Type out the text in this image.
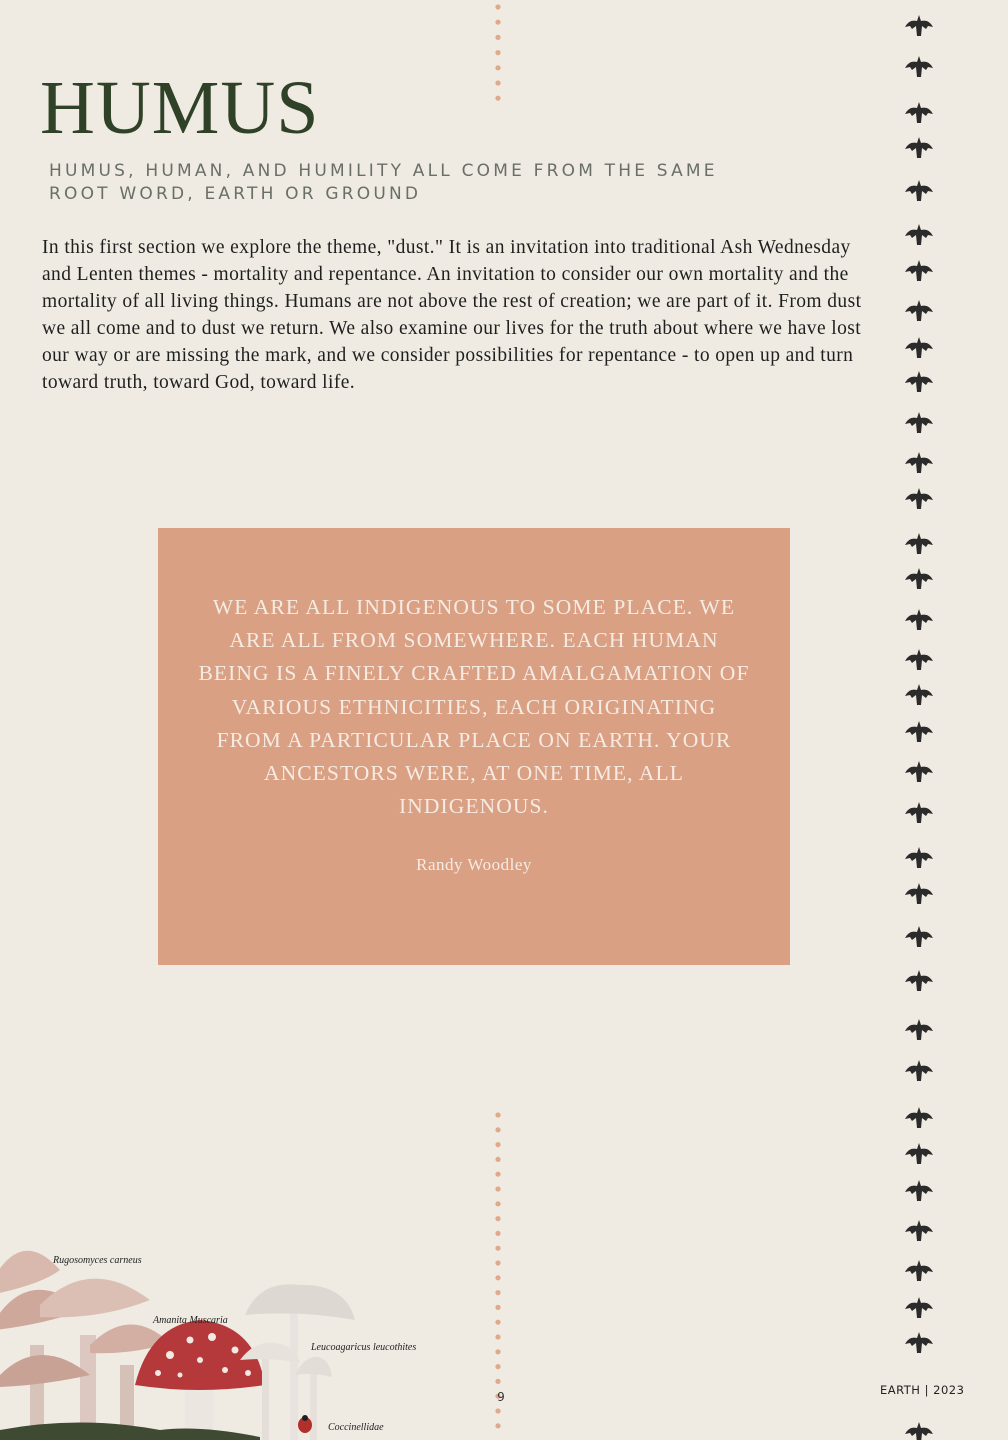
HUMUS
HUMUS, HUMAN, AND HUMILITY ALL COME FROM THE SAME ROOT WORD, EARTH OR GROUND

In this first section we explore the theme, "dust." It is an invitation into traditional Ash Wednesday and Lenten themes - mortality and repentance. An invitation to consider our own mortality and the mortality of all living things. Humans are not above the rest of creation; we are part of it. From dust we all come and to dust we return. We also examine our lives for the truth about where we have lost our way or are missing the mark, and we consider possibilities for repentance - to open up and turn toward truth, toward God, toward life.

WE ARE ALL INDIGENOUS TO SOME PLACE. WE ARE ALL FROM SOMEWHERE. EACH HUMAN BEING IS A FINELY CRAFTED AMALGAMATION OF VARIOUS ETHNICITIES, EACH ORIGINATING FROM A PARTICULAR PLACE ON EARTH. YOUR ANCESTORS WERE, AT ONE TIME, ALL INDIGENOUS.

Randy Woodley
Rugosomyces carneus
Amanita Muscaria
Leucoagaricus leucothites
Coccinellidae
9	EARTH | 2023
